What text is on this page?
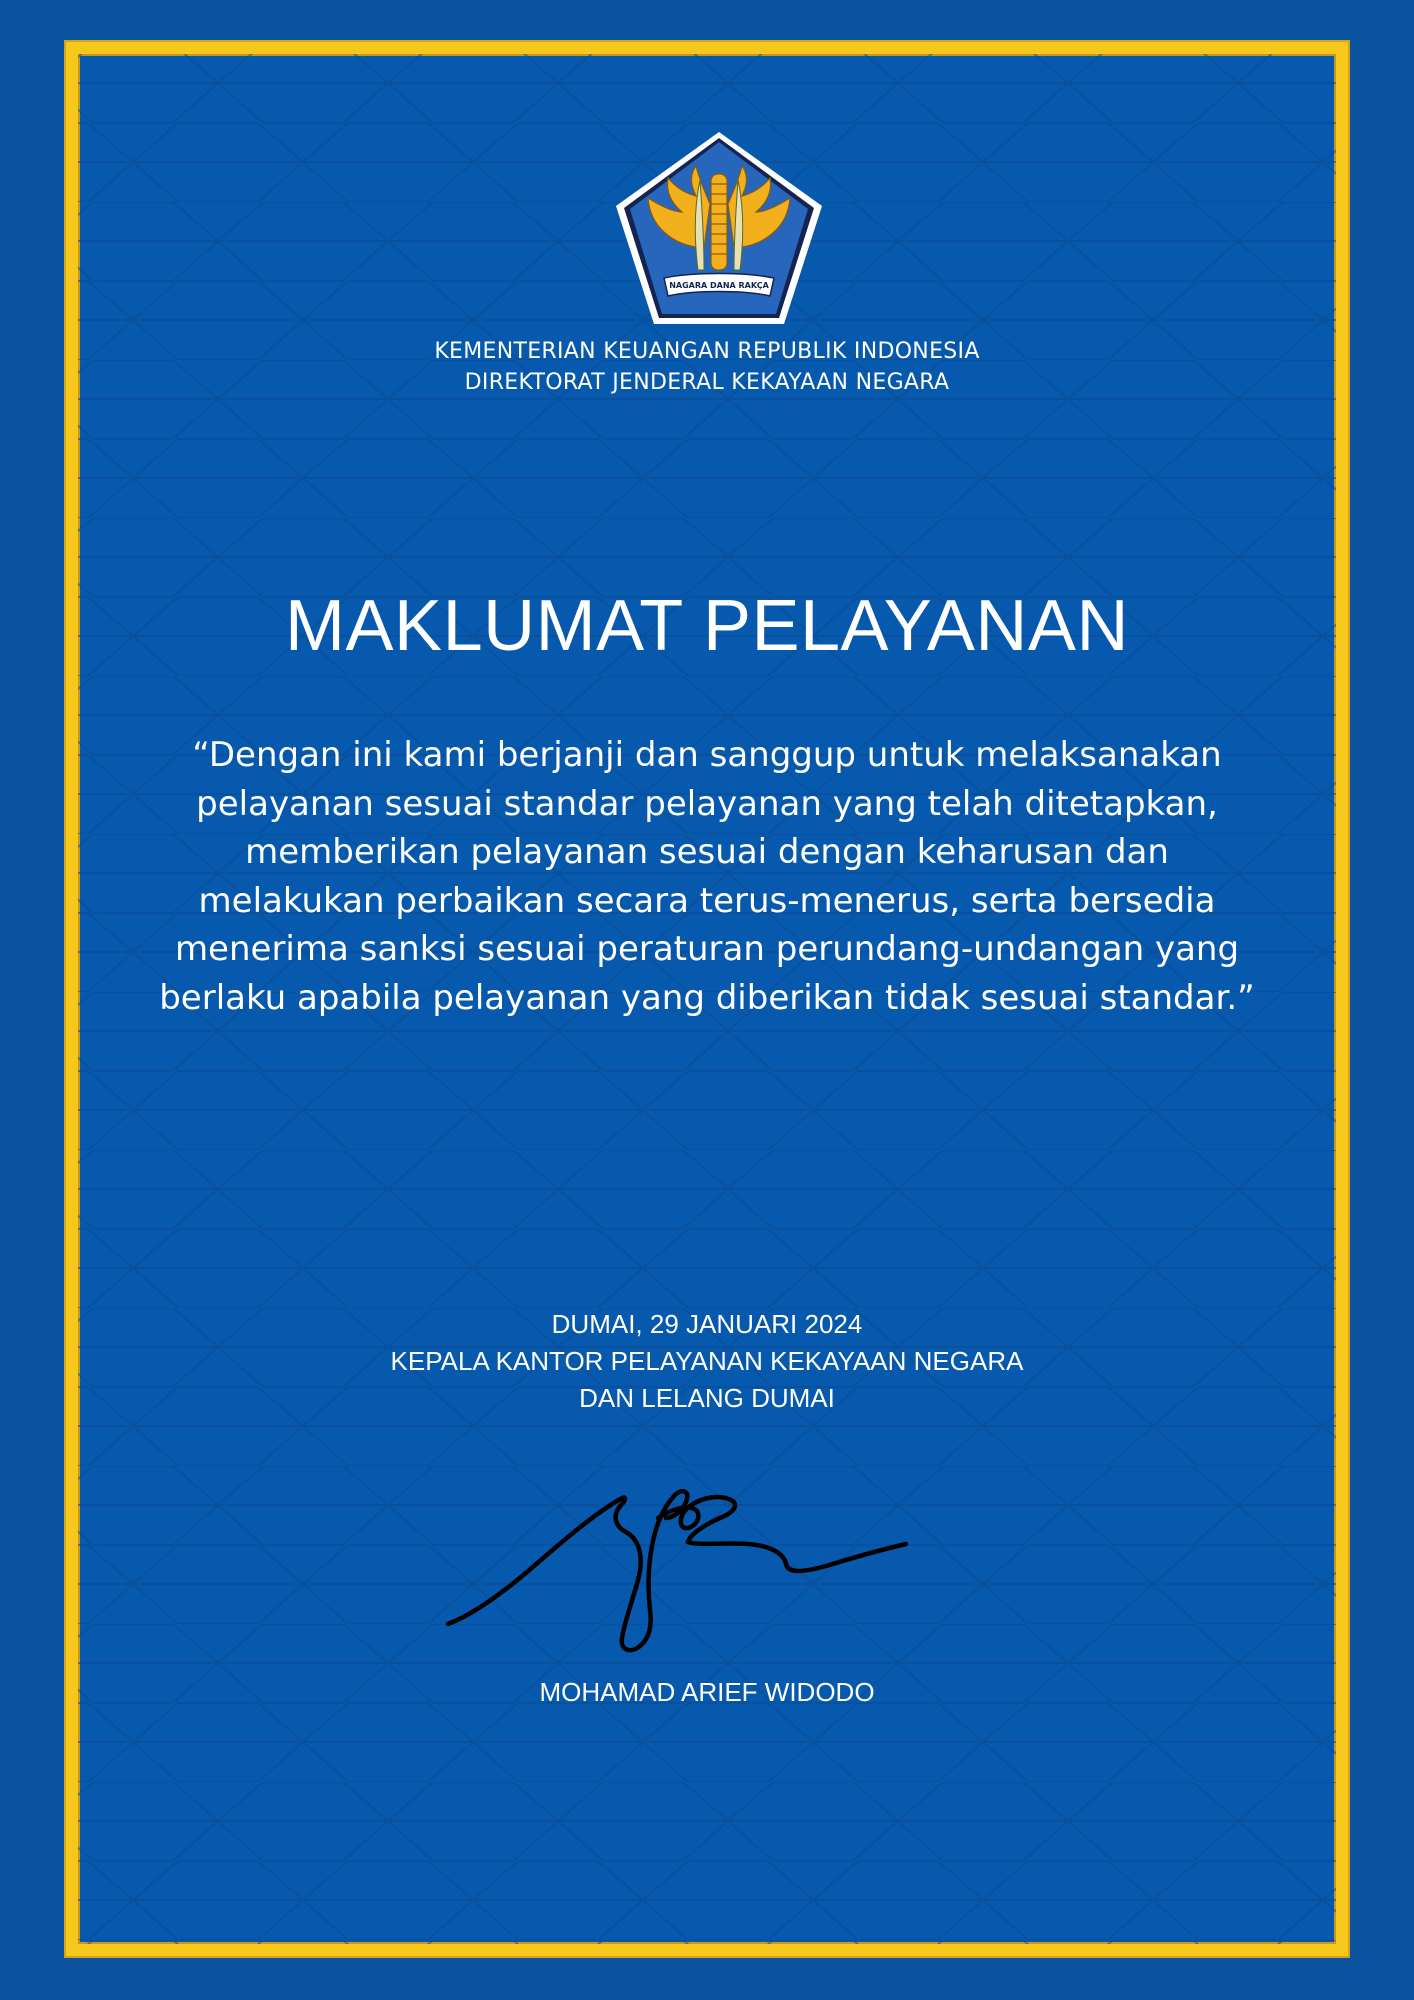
NAGARA DANA RAKÇA
KEMENTERIAN KEUANGAN REPUBLIK INDONESIA
DIREKTORAT JENDERAL KEKAYAAN NEGARA
MAKLUMAT PELAYANAN
“Dengan ini kami berjanji dan sanggup untuk melaksanakan
pelayanan sesuai standar pelayanan yang telah ditetapkan,
memberikan pelayanan sesuai dengan keharusan dan
melakukan perbaikan secara terus-menerus, serta bersedia
menerima sanksi sesuai peraturan perundang-undangan yang
berlaku apabila pelayanan yang diberikan tidak sesuai standar.”
DUMAI, 29 JANUARI 2024
KEPALA KANTOR PELAYANAN KEKAYAAN NEGARA
DAN LELANG DUMAI
MOHAMAD ARIEF WIDODO
